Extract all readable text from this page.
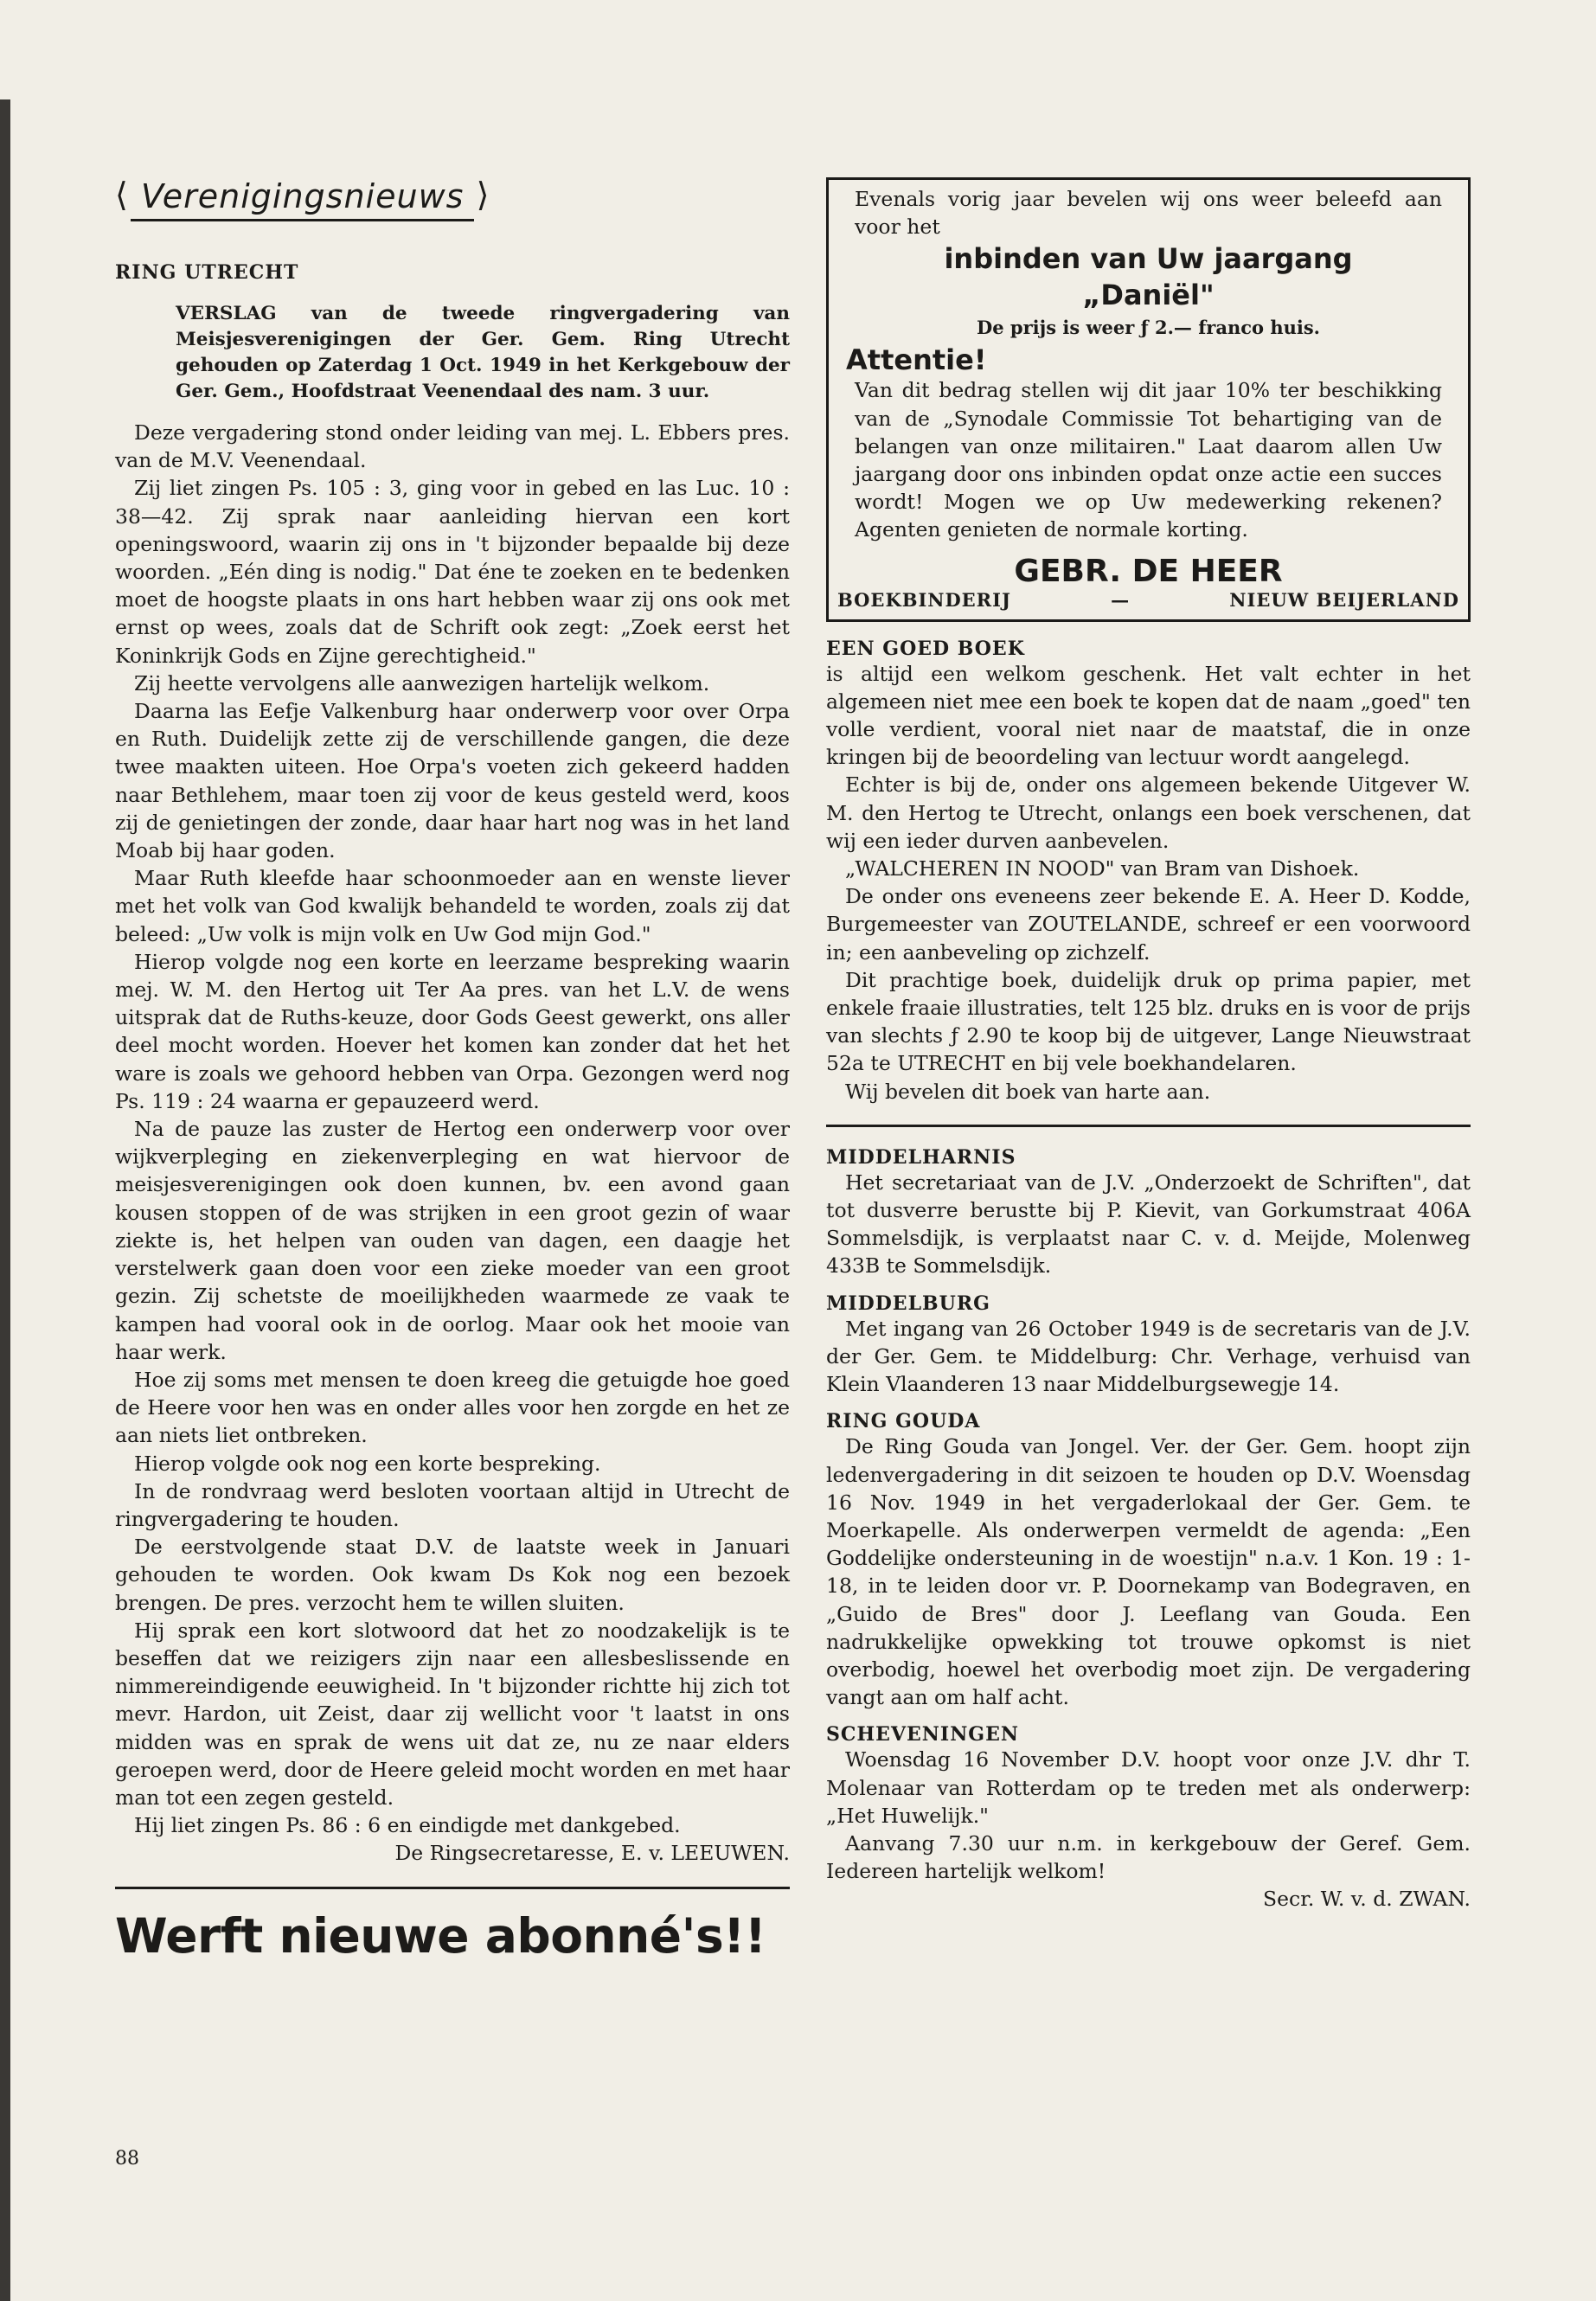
⟨ Verenigingsnieuws ⟩
RING UTRECHT

VERSLAG van de tweede ringvergadering van Meisjesverenigingen der Ger. Gem. Ring Utrecht gehouden op Zaterdag 1 Oct. 1949 in het Kerkgebouw der Ger. Gem., Hoofdstraat Veenendaal des nam. 3 uur.

Deze vergadering stond onder leiding van mej. L. Ebbers pres. van de M.V. Veenendaal.

Zij liet zingen Ps. 105 : 3, ging voor in gebed en las Luc. 10 : 38—42. Zij sprak naar aanleiding hiervan een kort openingswoord, waarin zij ons in 't bijzonder bepaalde bij deze woorden. „Eén ding is nodig." Dat éne te zoeken en te bedenken moet de hoogste plaats in ons hart hebben waar zij ons ook met ernst op wees, zoals dat de Schrift ook zegt: „Zoek eerst het Koninkrijk Gods en Zijne gerechtigheid."

Zij heette vervolgens alle aanwezigen hartelijk welkom.

Daarna las Eefje Valkenburg haar onderwerp voor over Orpa en Ruth. Duidelijk zette zij de verschillende gangen, die deze twee maakten uiteen. Hoe Orpa's voeten zich gekeerd hadden naar Bethlehem, maar toen zij voor de keus gesteld werd, koos zij de genietingen der zonde, daar haar hart nog was in het land Moab bij haar goden.

Maar Ruth kleefde haar schoonmoeder aan en wenste liever met het volk van God kwalijk behandeld te worden, zoals zij dat beleed: „Uw volk is mijn volk en Uw God mijn God."

Hierop volgde nog een korte en leerzame bespreking waarin mej. W. M. den Hertog uit Ter Aa pres. van het L.V. de wens uitsprak dat de Ruths-keuze, door Gods Geest gewerkt, ons aller deel mocht worden. Hoever het komen kan zonder dat het het ware is zoals we gehoord hebben van Orpa. Gezongen werd nog Ps. 119 : 24 waarna er gepauzeerd werd.

Na de pauze las zuster de Hertog een onderwerp voor over wijkverpleging en ziekenverpleging en wat hiervoor de meisjesverenigingen ook doen kunnen, bv. een avond gaan kousen stoppen of de was strijken in een groot gezin of waar ziekte is, het helpen van ouden van dagen, een daagje het verstelwerk gaan doen voor een zieke moeder van een groot gezin. Zij schetste de moeilijkheden waarmede ze vaak te kampen had vooral ook in de oorlog. Maar ook het mooie van haar werk.

Hoe zij soms met mensen te doen kreeg die getuigde hoe goed de Heere voor hen was en onder alles voor hen zorgde en het ze aan niets liet ontbreken.

Hierop volgde ook nog een korte bespreking.

In de rondvraag werd besloten voortaan altijd in Utrecht de ringvergadering te houden.

De eerstvolgende staat D.V. de laatste week in Januari gehouden te worden. Ook kwam Ds Kok nog een bezoek brengen. De pres. verzocht hem te willen sluiten.

Hij sprak een kort slotwoord dat het zo noodzakelijk is te beseffen dat we reizigers zijn naar een allesbeslissende en nimmereindigende eeuwigheid. In 't bijzonder richtte hij zich tot mevr. Hardon, uit Zeist, daar zij wellicht voor 't laatst in ons midden was en sprak de wens uit dat ze, nu ze naar elders geroepen werd, door de Heere geleid mocht worden en met haar man tot een zegen gesteld.

Hij liet zingen Ps. 86 : 6 en eindigde met dankgebed.

De Ringsecretaresse, E. v. LEEUWEN.

Werft nieuwe abonné's!!
88

Evenals vorig jaar bevelen wij ons weer beleefd aan voor het

inbinden van Uw jaargang
„Daniël"
De prijs is weer ƒ 2.— franco huis.
Attentie!

Van dit bedrag stellen wij dit jaar 10% ter beschikking van de „Synodale Commissie Tot behartiging van de belangen van onze militairen." Laat daarom allen Uw jaargang door ons inbinden opdat onze actie een succes wordt! Mogen we op Uw medewerking rekenen? Agenten genieten de normale korting.

GEBR. DE HEER
BOEKBINDERIJ	—	NIEUW BEIJERLAND
EEN GOED BOEK

is altijd een welkom geschenk. Het valt echter in het algemeen niet mee een boek te kopen dat de naam „goed" ten volle verdient, vooral niet naar de maatstaf, die in onze kringen bij de beoordeling van lectuur wordt aangelegd.

Echter is bij de, onder ons algemeen bekende Uitgever W. M. den Hertog te Utrecht, onlangs een boek verschenen, dat wij een ieder durven aanbevelen.

„WALCHEREN IN NOOD" van Bram van Dishoek.

De onder ons eveneens zeer bekende E. A. Heer D. Kodde, Burgemeester van ZOUTELANDE, schreef er een voorwoord in; een aanbeveling op zichzelf.

Dit prachtige boek, duidelijk druk op prima papier, met enkele fraaie illustraties, telt 125 blz. druks en is voor de prijs van slechts ƒ 2.90 te koop bij de uitgever, Lange Nieuwstraat 52a te UTRECHT en bij vele boekhandelaren.

Wij bevelen dit boek van harte aan.

MIDDELHARNIS

Het secretariaat van de J.V. „Onderzoekt de Schriften", dat tot dusverre berustte bij P. Kievit, van Gorkumstraat 406A Sommelsdijk, is verplaatst naar C. v. d. Meijde, Molenweg 433B te Sommelsdijk.

MIDDELBURG

Met ingang van 26 October 1949 is de secretaris van de J.V. der Ger. Gem. te Middelburg: Chr. Verhage, verhuisd van Klein Vlaanderen 13 naar Middelburgsewegje 14.

RING GOUDA

De Ring Gouda van Jongel. Ver. der Ger. Gem. hoopt zijn ledenvergadering in dit seizoen te houden op D.V. Woensdag 16 Nov. 1949 in het vergaderlokaal der Ger. Gem. te Moerkapelle. Als onderwerpen vermeldt de agenda: „Een Goddelijke ondersteuning in de woestijn" n.a.v. 1 Kon. 19 : 1-18, in te leiden door vr. P. Doornekamp van Bodegraven, en „Guido de Bres" door J. Leeflang van Gouda. Een nadrukkelijke opwekking tot trouwe opkomst is niet overbodig, hoewel het overbodig moet zijn. De vergadering vangt aan om half acht.

SCHEVENINGEN

Woensdag 16 November D.V. hoopt voor onze J.V. dhr T. Molenaar van Rotterdam op te treden met als onderwerp: „Het Huwelijk."

Aanvang 7.30 uur n.m. in kerkgebouw der Geref. Gem. Iedereen hartelijk welkom!

Secr. W. v. d. ZWAN.
